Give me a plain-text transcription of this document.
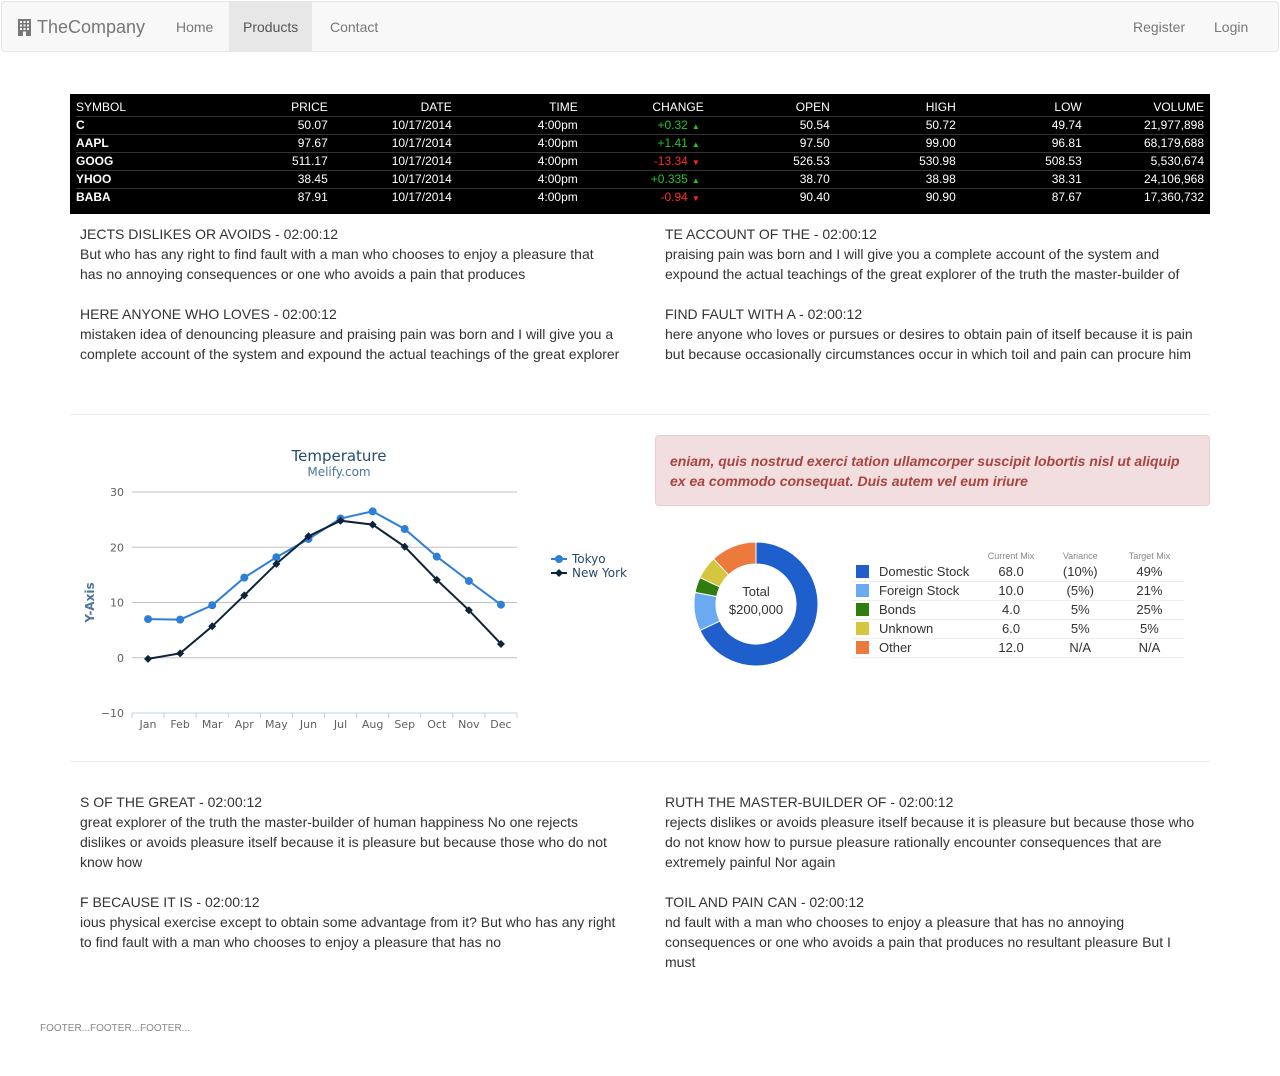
TheCompany	Home	Products	Contact	Register	Login
SYMBOL	PRICE	DATE	TIME	CHANGE	OPEN	HIGH	LOW	VOLUME
C	50.07	10/17/2014	4:00pm	+0.32 ▲	50.54	50.72	49.74	21,977,898
AAPL	97.67	10/17/2014	4:00pm	+1.41 ▲	97.50	99.00	96.81	68,179,688
GOOG	511.17	10/17/2014	4:00pm	-13.34 ▼	526.53	530.98	508.53	5,530,674
YHOO	38.45	10/17/2014	4:00pm	+0.335 ▲	38.70	38.98	38.31	24,106,968
BABA	87.91	10/17/2014	4:00pm	-0.94 ▼	90.40	90.90	87.67	17,360,732
JECTS DISLIKES OR AVOIDS - 02:00:12
But who has any right to find fault with a man who chooses to enjoy a pleasure that has no annoying consequences or one who avoids a pain that produces
TE ACCOUNT OF THE - 02:00:12
praising pain was born and I will give you a complete account of the system and expound the actual teachings of the great explorer of the truth the master-builder of
HERE ANYONE WHO LOVES - 02:00:12
mistaken idea of denouncing pleasure and praising pain was born and I will give you a complete account of the system and expound the actual teachings of the great explorer
FIND FAULT WITH A - 02:00:12
here anyone who loves or pursues or desires to obtain pain of itself because it is pain but because occasionally circumstances occur in which toil and pain can procure him
Temperature
Melify.com
−10
0
10
20
30
Jan Feb Mar Apr May Jun Jul Aug Sep Oct Nov Dec
Y-Axis
Tokyo
New York
eniam, quis nostrud exerci tation ullamcorper suscipit lobortis nisl ut aliquip ex ea commodo consequat. Duis autem vel eum iriure
Total
$200,000
	Current Mix	Variance	Target Mix
Domestic Stock	68.0	(10%)	49%
Foreign Stock	10.0	(5%)	21%
Bonds	4.0	5%	25%
Unknown	6.0	5%	5%
Other	12.0	N/A	N/A
S OF THE GREAT - 02:00:12
great explorer of the truth the master-builder of human happiness No one rejects dislikes or avoids pleasure itself because it is pleasure but because those who do not know how
RUTH THE MASTER-BUILDER OF - 02:00:12
rejects dislikes or avoids pleasure itself because it is pleasure but because those who do not know how to pursue pleasure rationally encounter consequences that are extremely painful Nor again
F BECAUSE IT IS - 02:00:12
ious physical exercise except to obtain some advantage from it? But who has any right to find fault with a man who chooses to enjoy a pleasure that has no
TOIL AND PAIN CAN - 02:00:12
nd fault with a man who chooses to enjoy a pleasure that has no annoying consequences or one who avoids a pain that produces no resultant pleasure But I must
FOOTER...FOOTER...FOOTER...
